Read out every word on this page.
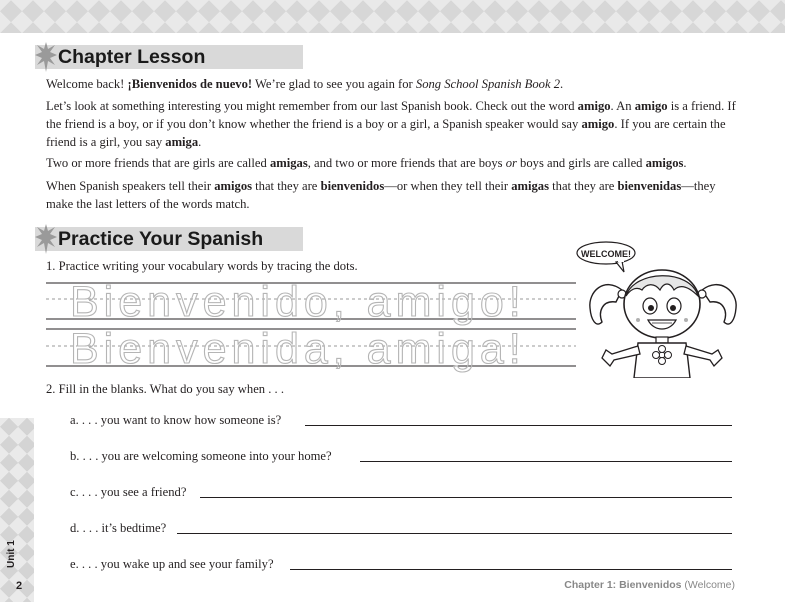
Chapter Lesson

Welcome back! ¡Bienvenidos de nuevo! We’re glad to see you again for Song School Spanish Book 2.

Let’s look at something interesting you might remember from our last Spanish book. Check out the word amigo. An amigo is a friend. If the friend is a boy, or if you don’t know whether the friend is a boy or a girl, a Spanish speaker would say amigo. If you are certain the friend is a girl, you say amiga.

Two or more friends that are girls are called amigas, and two or more friends that are boys or boys and girls are called amigos.

When Spanish speakers tell their amigos that they are bienvenidos—or when they tell their amigas that they are bienvenidas—they make the last letters of the words match.

Practice Your Spanish
1. Practice writing your vocabulary words by tracing the dots.
Bienvenido, amigo!
Bienvenida, amiga!
WELCOME!
2. Fill in the blanks. What do you say when . . .
a. . . . you want to know how someone is?
b. . . . you are welcoming someone into your home?
c. . . . you see a friend?
d. . . . it’s bedtime?
e. . . . you wake up and see your family?
Chapter 1: Bienvenidos (Welcome)
Unit 1
2
